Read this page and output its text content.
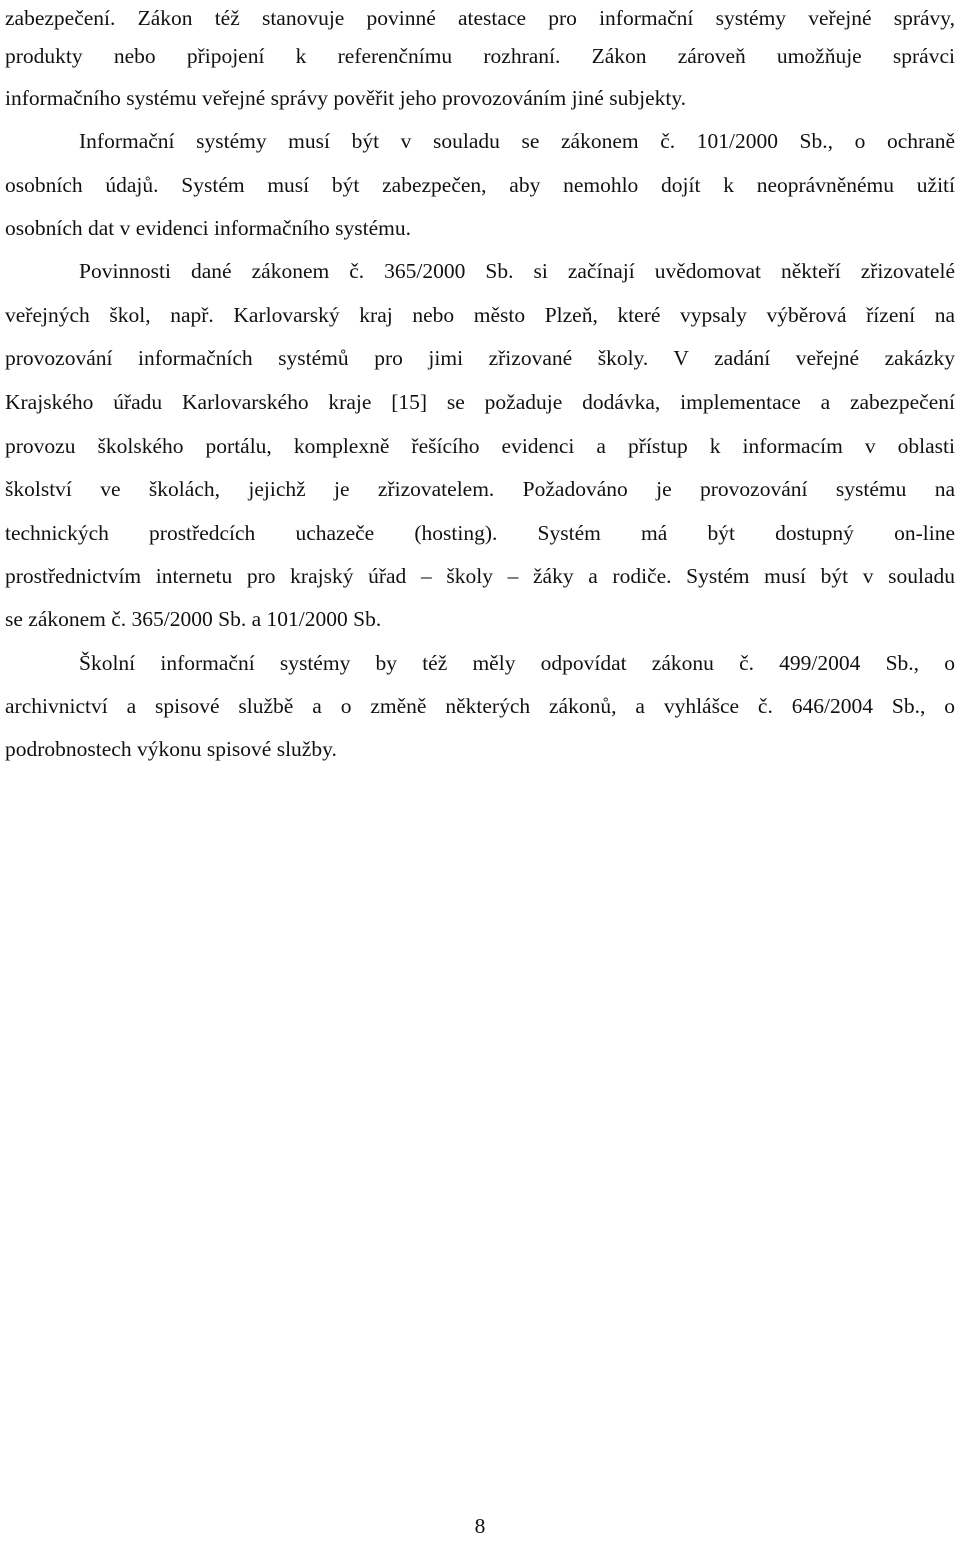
zabezpečení. Zákon též stanovuje povinné atestace pro informační systémy veřejné správy,
produkty nebo připojení k referenčnímu rozhraní. Zákon zároveň umožňuje správci
informačního systému veřejné správy pověřit jeho provozováním jiné subjekty.
Informační systémy musí být v souladu se zákonem č. 101/2000 Sb., o ochraně
osobních údajů. Systém musí být zabezpečen, aby nemohlo dojít k neoprávněnému užití
osobních dat v evidenci informačního systému.
Povinnosti dané zákonem č. 365/2000 Sb. si začínají uvědomovat někteří zřizovatelé
veřejných škol, např. Karlovarský kraj nebo město Plzeň, které vypsaly výběrová řízení na
provozování informačních systémů pro jimi zřizované školy. V zadání veřejné zakázky
Krajského úřadu Karlovarského kraje [15] se požaduje dodávka, implementace a zabezpečení
provozu školského portálu, komplexně řešícího evidenci a přístup k informacím v oblasti
školství ve školách, jejichž je zřizovatelem. Požadováno je provozování systému na
technických prostředcích uchazeče (hosting). Systém má být dostupný on-line
prostřednictvím internetu pro krajský úřad – školy – žáky a rodiče. Systém musí být v souladu
se zákonem č. 365/2000 Sb. a 101/2000 Sb.
Školní informační systémy by též měly odpovídat zákonu č. 499/2004 Sb., o
archivnictví a spisové službě a o změně některých zákonů, a vyhlášce č. 646/2004 Sb., o
podrobnostech výkonu spisové služby.
8
